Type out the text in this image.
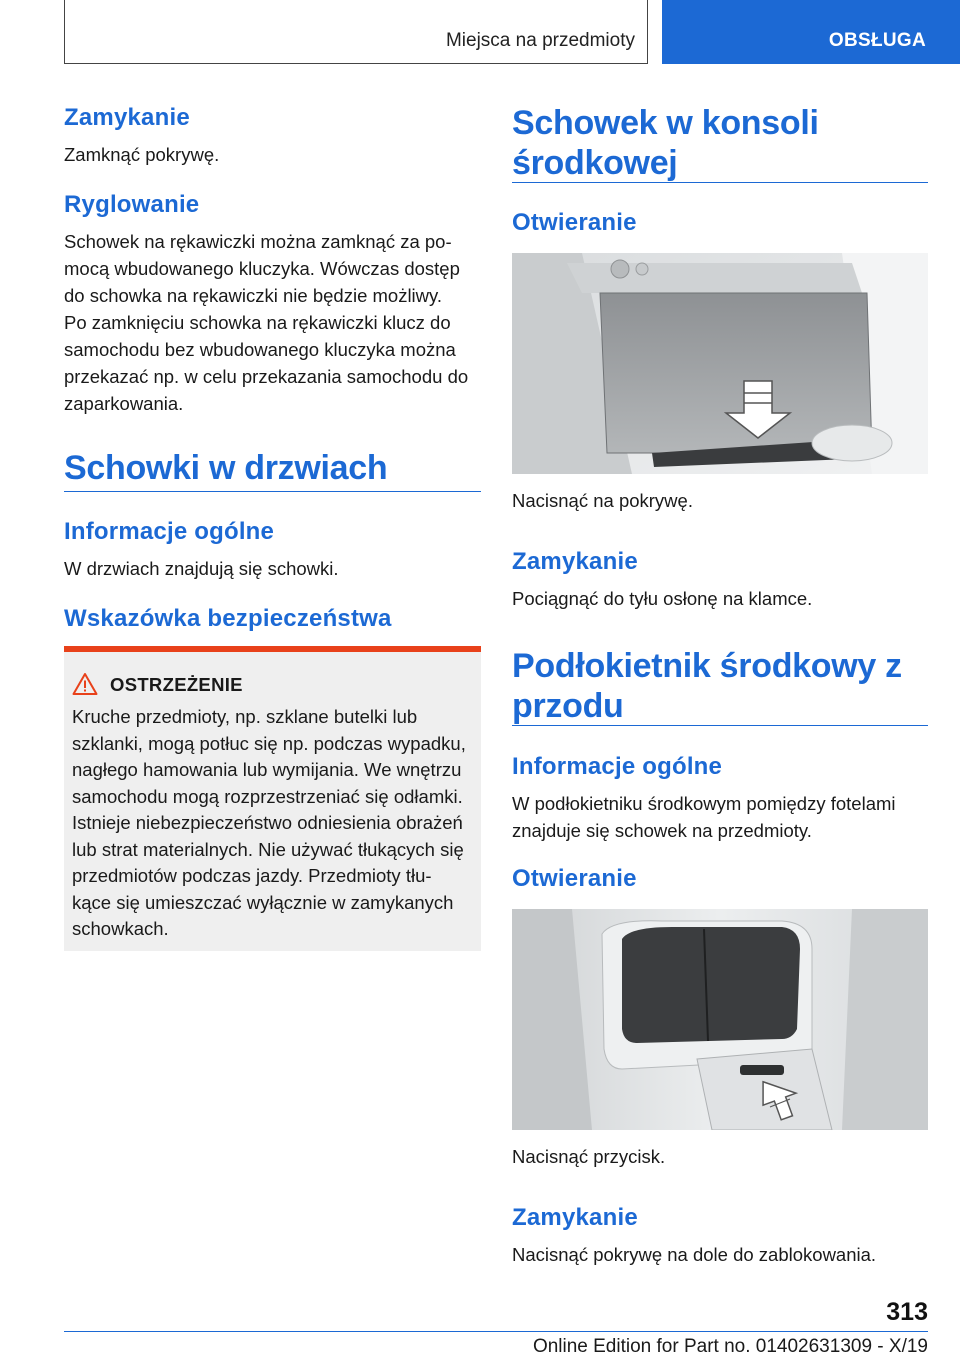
Miejsca na przedmioty	OBSŁUGA
Zamykanie
Zamknąć pokrywę.
Ryglowanie
Schowek na rękawiczki można zamknąć za po-
mocą wbudowanego kluczyka. Wówczas dostęp
do schowka na rękawiczki nie będzie możliwy.
Po zamknięciu schowka na rękawiczki klucz do
samochodu bez wbudowanego kluczyka można
przekazać np. w celu przekazania samochodu do
zaparkowania.
Schowki w drzwiach
Informacje ogólne
W drzwiach znajdują się schowki.
Wskazówka bezpieczeństwa
OSTRZEŻENIE
Kruche przedmioty, np. szklane butelki lub
szklanki, mogą potłuc się np. podczas wypadku,
nagłego hamowania lub wymijania. We wnętrzu
samochodu mogą rozprzestrzeniać się odłamki.
Istnieje niebezpieczeństwo odniesienia obrażeń
lub strat materialnych. Nie używać tłukących się
przedmiotów podczas jazdy. Przedmioty tłu-
kące się umieszczać wyłącznie w zamykanych
schowkach.
Schowek w konsoli
środkowej
Otwieranie
Nacisnąć na pokrywę.
Zamykanie
Pociągnąć do tyłu osłonę na klamce.
Podłokietnik środkowy z
przodu
Informacje ogólne
W podłokietniku środkowym pomiędzy fotelami
znajduje się schowek na przedmioty.
Otwieranie
Nacisnąć przycisk.
Zamykanie
Nacisnąć pokrywę na dole do zablokowania.
313
Online Edition for Part no. 01402631309 - X/19
